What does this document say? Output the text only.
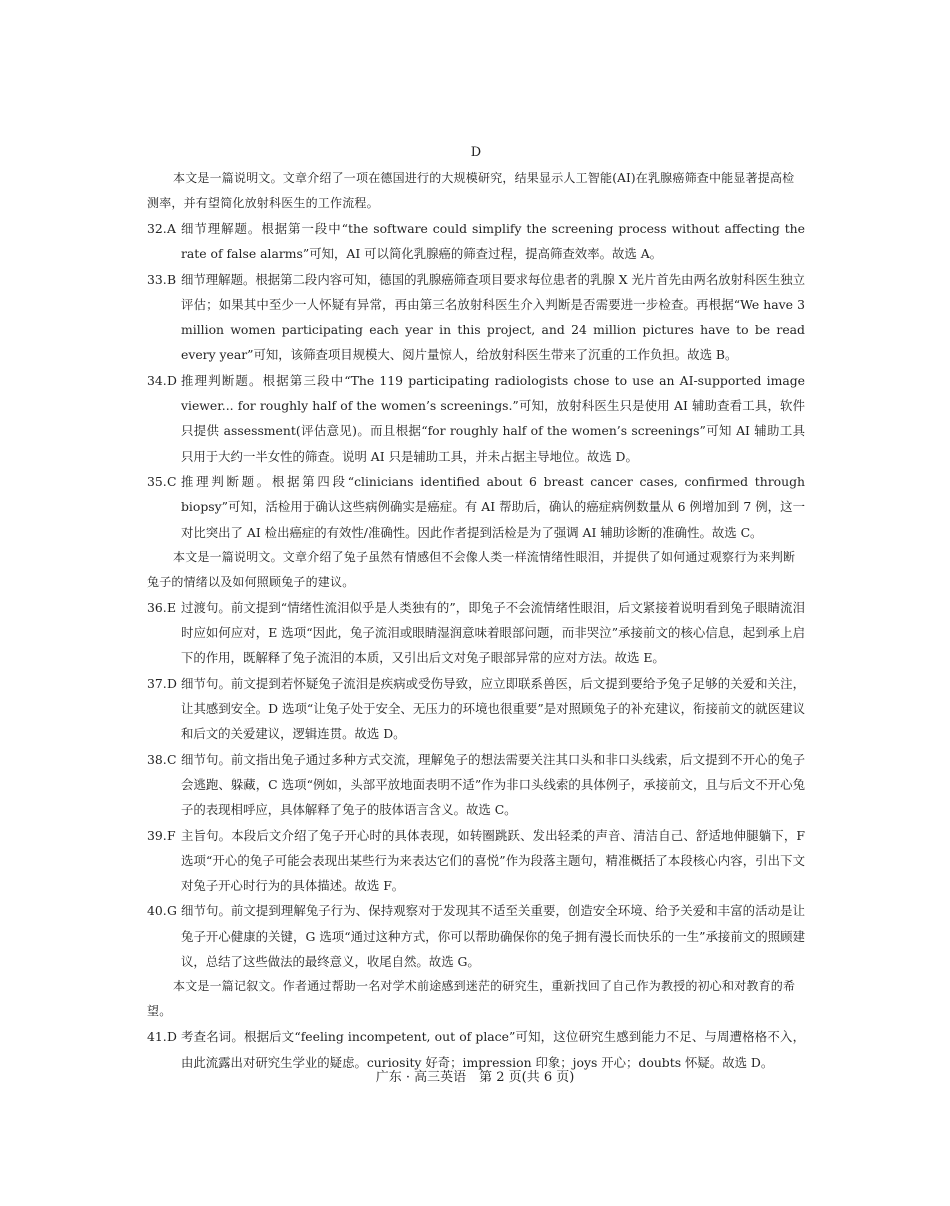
D

本文是一篇说明文。文章介绍了一项在德国进行的大规模研究，结果显示人工智能(AI)在乳腺癌筛查中能显著提高检测率，并有望简化放射科医生的工作流程。

32. A 细节理解题。根据第一段中“the software could simplify the screening process without affecting the rate of false alarms”可知，AI 可以简化乳腺癌的筛查过程，提高筛查效率。故选 A。
33. B 细节理解题。根据第二段内容可知，德国的乳腺癌筛查项目要求每位患者的乳腺 X 光片首先由两名放射科医生独立评估；如果其中至少一人怀疑有异常，再由第三名放射科医生介入判断是否需要进一步检查。再根据“We have 3 million women participating each year in this project, and 24 million pictures have to be read every year”可知，该筛查项目规模大、阅片量惊人，给放射科医生带来了沉重的工作负担。故选 B。
34. D 推理判断题。根据第三段中“The 119 participating radiologists chose to use an AI-supported image viewer... for roughly half of the women’s screenings.”可知，放射科医生只是使用 AI 辅助查看工具，软件只提供 assessment(评估意见)。而且根据“for roughly half of the women’s screenings”可知 AI 辅助工具只用于大约一半女性的筛查。说明 AI 只是辅助工具，并未占据主导地位。故选 D。
35. C 推理判断题。根据第四段“clinicians identified about 6 breast cancer cases, confirmed through biopsy”可知，活检用于确认这些病例确实是癌症。有 AI 帮助后，确认的癌症病例数量从 6 例增加到 7 例，这一对比突出了 AI 检出癌症的有效性/准确性。因此作者提到活检是为了强调 AI 辅助诊断的准确性。故选 C。

本文是一篇说明文。文章介绍了兔子虽然有情感但不会像人类一样流情绪性眼泪，并提供了如何通过观察行为来判断兔子的情绪以及如何照顾兔子的建议。

36. E 过渡句。前文提到“情绪性流泪似乎是人类独有的”，即兔子不会流情绪性眼泪，后文紧接着说明看到兔子眼睛流泪时应如何应对，E 选项“因此，兔子流泪或眼睛湿润意味着眼部问题，而非哭泣”承接前文的核心信息，起到承上启下的作用，既解释了兔子流泪的本质，又引出后文对兔子眼部异常的应对方法。故选 E。
37. D 细节句。前文提到若怀疑兔子流泪是疾病或受伤导致，应立即联系兽医，后文提到要给予兔子足够的关爱和关注，让其感到安全。D 选项“让兔子处于安全、无压力的环境也很重要”是对照顾兔子的补充建议，衔接前文的就医建议和后文的关爱建议，逻辑连贯。故选 D。
38. C 细节句。前文指出兔子通过多种方式交流，理解兔子的想法需要关注其口头和非口头线索，后文提到不开心的兔子会逃跑、躲藏，C 选项“例如，头部平放地面表明不适”作为非口头线索的具体例子，承接前文，且与后文不开心兔子的表现相呼应，具体解释了兔子的肢体语言含义。故选 C。
39. F 主旨句。本段后文介绍了兔子开心时的具体表现，如转圈跳跃、发出轻柔的声音、清洁自己、舒适地伸腿躺下，F 选项“开心的兔子可能会表现出某些行为来表达它们的喜悦”作为段落主题句，精准概括了本段核心内容，引出下文对兔子开心时行为的具体描述。故选 F。
40. G 细节句。前文提到理解兔子行为、保持观察对于发现其不适至关重要，创造安全环境、给予关爱和丰富的活动是让兔子开心健康的关键，G 选项“通过这种方式，你可以帮助确保你的兔子拥有漫长而快乐的一生”承接前文的照顾建议，总结了这些做法的最终意义，收尾自然。故选 G。

本文是一篇记叙文。作者通过帮助一名对学术前途感到迷茫的研究生，重新找回了自己作为教授的初心和对教育的希望。

41. D 考查名词。根据后文“feeling incompetent, out of place”可知，这位研究生感到能力不足、与周遭格格不入，由此流露出对研究生学业的疑虑。curiosity 好奇；impression 印象；joys 开心；doubts 怀疑。故选 D。
广东 · 高三英语　第 2 页(共 6 页)
